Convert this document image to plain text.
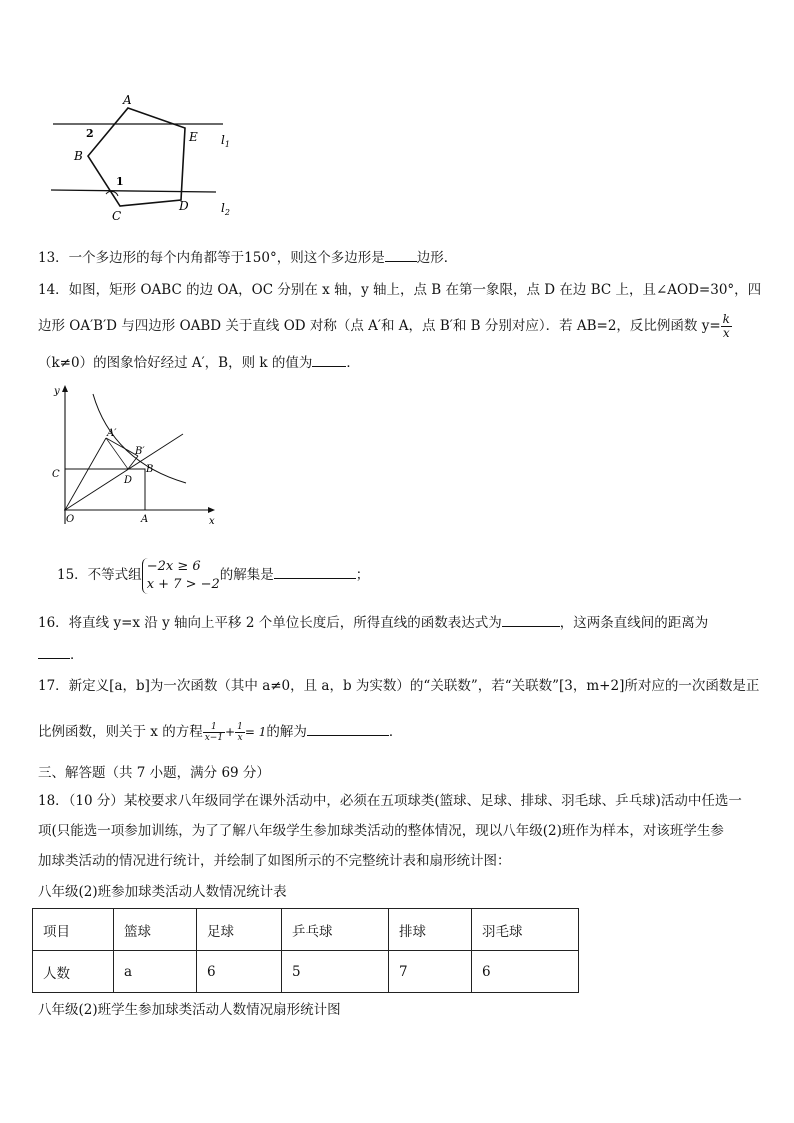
A
B
C
D
E
2
1
$l_1$
$l_2$
13．一个多边形的每个内角都等于150°，则这个多边形是 边形．
14．如图，矩形 OABC 的边 OA，OC 分别在 x 轴，y 轴上，点 B 在第一象限，点 D 在边 BC 上，且∠AOD=30°，四
边形 OA′B′D 与四边形 OABD 关于直线 OD 对称（点 A′和 A，点 B′和 B 分别对应）．若 AB=2，反比例函数 $y= \frac{k}{x}$
（k≠0）的图象恰好经过 A′，B，则 k 的值为	．
y
x
O	A
C	B
D
A′
B′
15．不等式组
−2x ≥ 6
x + 7 > −2
的解集是	；
16．将直线 y=x 沿 y 轴向上平移 2 个单位长度后，所得直线的函数表达式为	，这两条直线间的距离为
．
17．新定义[a，b]为一次函数（其中 a≠0，且 a，b 为实数）的“关联数”，若“关联数”[3，m+2]所对应的一次函数是正
比例函数，则关于 x 的方程 $\frac{1}{x-1} + \frac{1}{x} = 1$的解为	．
三、解答题（共 7 小题，满分 69 分）
18．（10 分）某校要求八年级同学在课外活动中，必须在五项球类(篮球、足球、排球、羽毛球、乒乓球)活动中任选一
项(只能选一项参加训练，为了了解八年级学生参加球类活动的整体情况，现以八年级(2)班作为样本，对该班学生参
加球类活动的情况进行统计，并绘制了如图所示的不完整统计表和扇形统计图：
八年级(2)班参加球类活动人数情况统计表
项目	篮球	足球	乒乓球	排球	羽毛球
人数	a	6	5	7	6
八年级(2)班学生参加球类活动人数情况扇形统计图
